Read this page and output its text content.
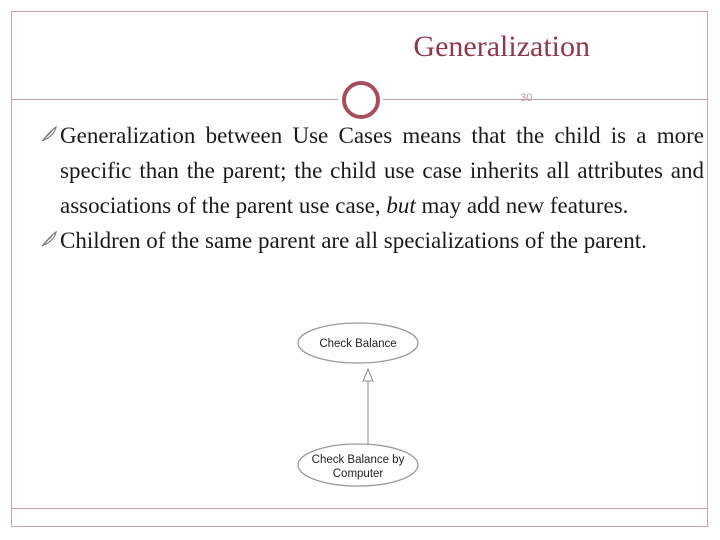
Generalization
30

Generalization between Use Cases means that the child is a more specific than the parent; the child use case inherits all attributes and associations of the parent use case, but may add new features.

Children of the same parent are all specializations of the parent.

Check Balance
Check Balance by
Computer
